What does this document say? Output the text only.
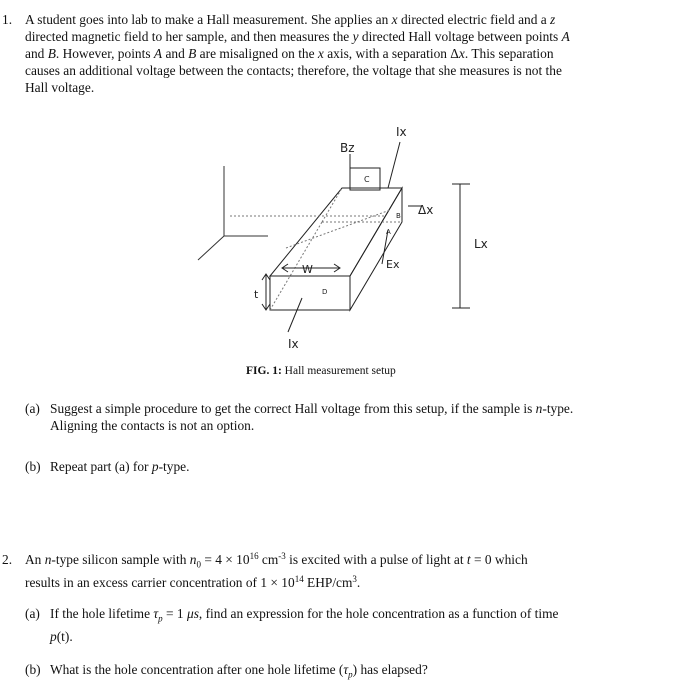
1. A student goes into lab to make a Hall measurement. She applies an x directed electric field and a z
directed magnetic field to her sample, and then measures the y directed Hall voltage between points A
and B. However, points A and B are misaligned on the x axis, with a separation Δx. This separation
causes an additional voltage between the contacts; therefore, the voltage that she measures is not the
Hall voltage.
Bz
Ix
Ix
Δx
Lx
W	Ex
t
C
B
A
D
FIG. 1: Hall measurement setup
(a) Suggest a simple procedure to get the correct Hall voltage from this setup, if the sample is n-type.
Aligning the contacts is not an option.
(b) Repeat part (a) for p-type.
2. An n-type silicon sample with $n_0 = 4 \times 10^{16}$ $cm^{-3}$ is excited with a pulse of light at t = 0 which
results in an excess carrier concentration of $1 \times 10^{14}$ EHP/$cm^3$.
(a) If the hole lifetime $\tau_p = 1$ μs, find an expression for the hole concentration as a function of time
p(t).
(b) What is the hole concentration after one hole lifetime $(\tau_p)$ has elapsed?
